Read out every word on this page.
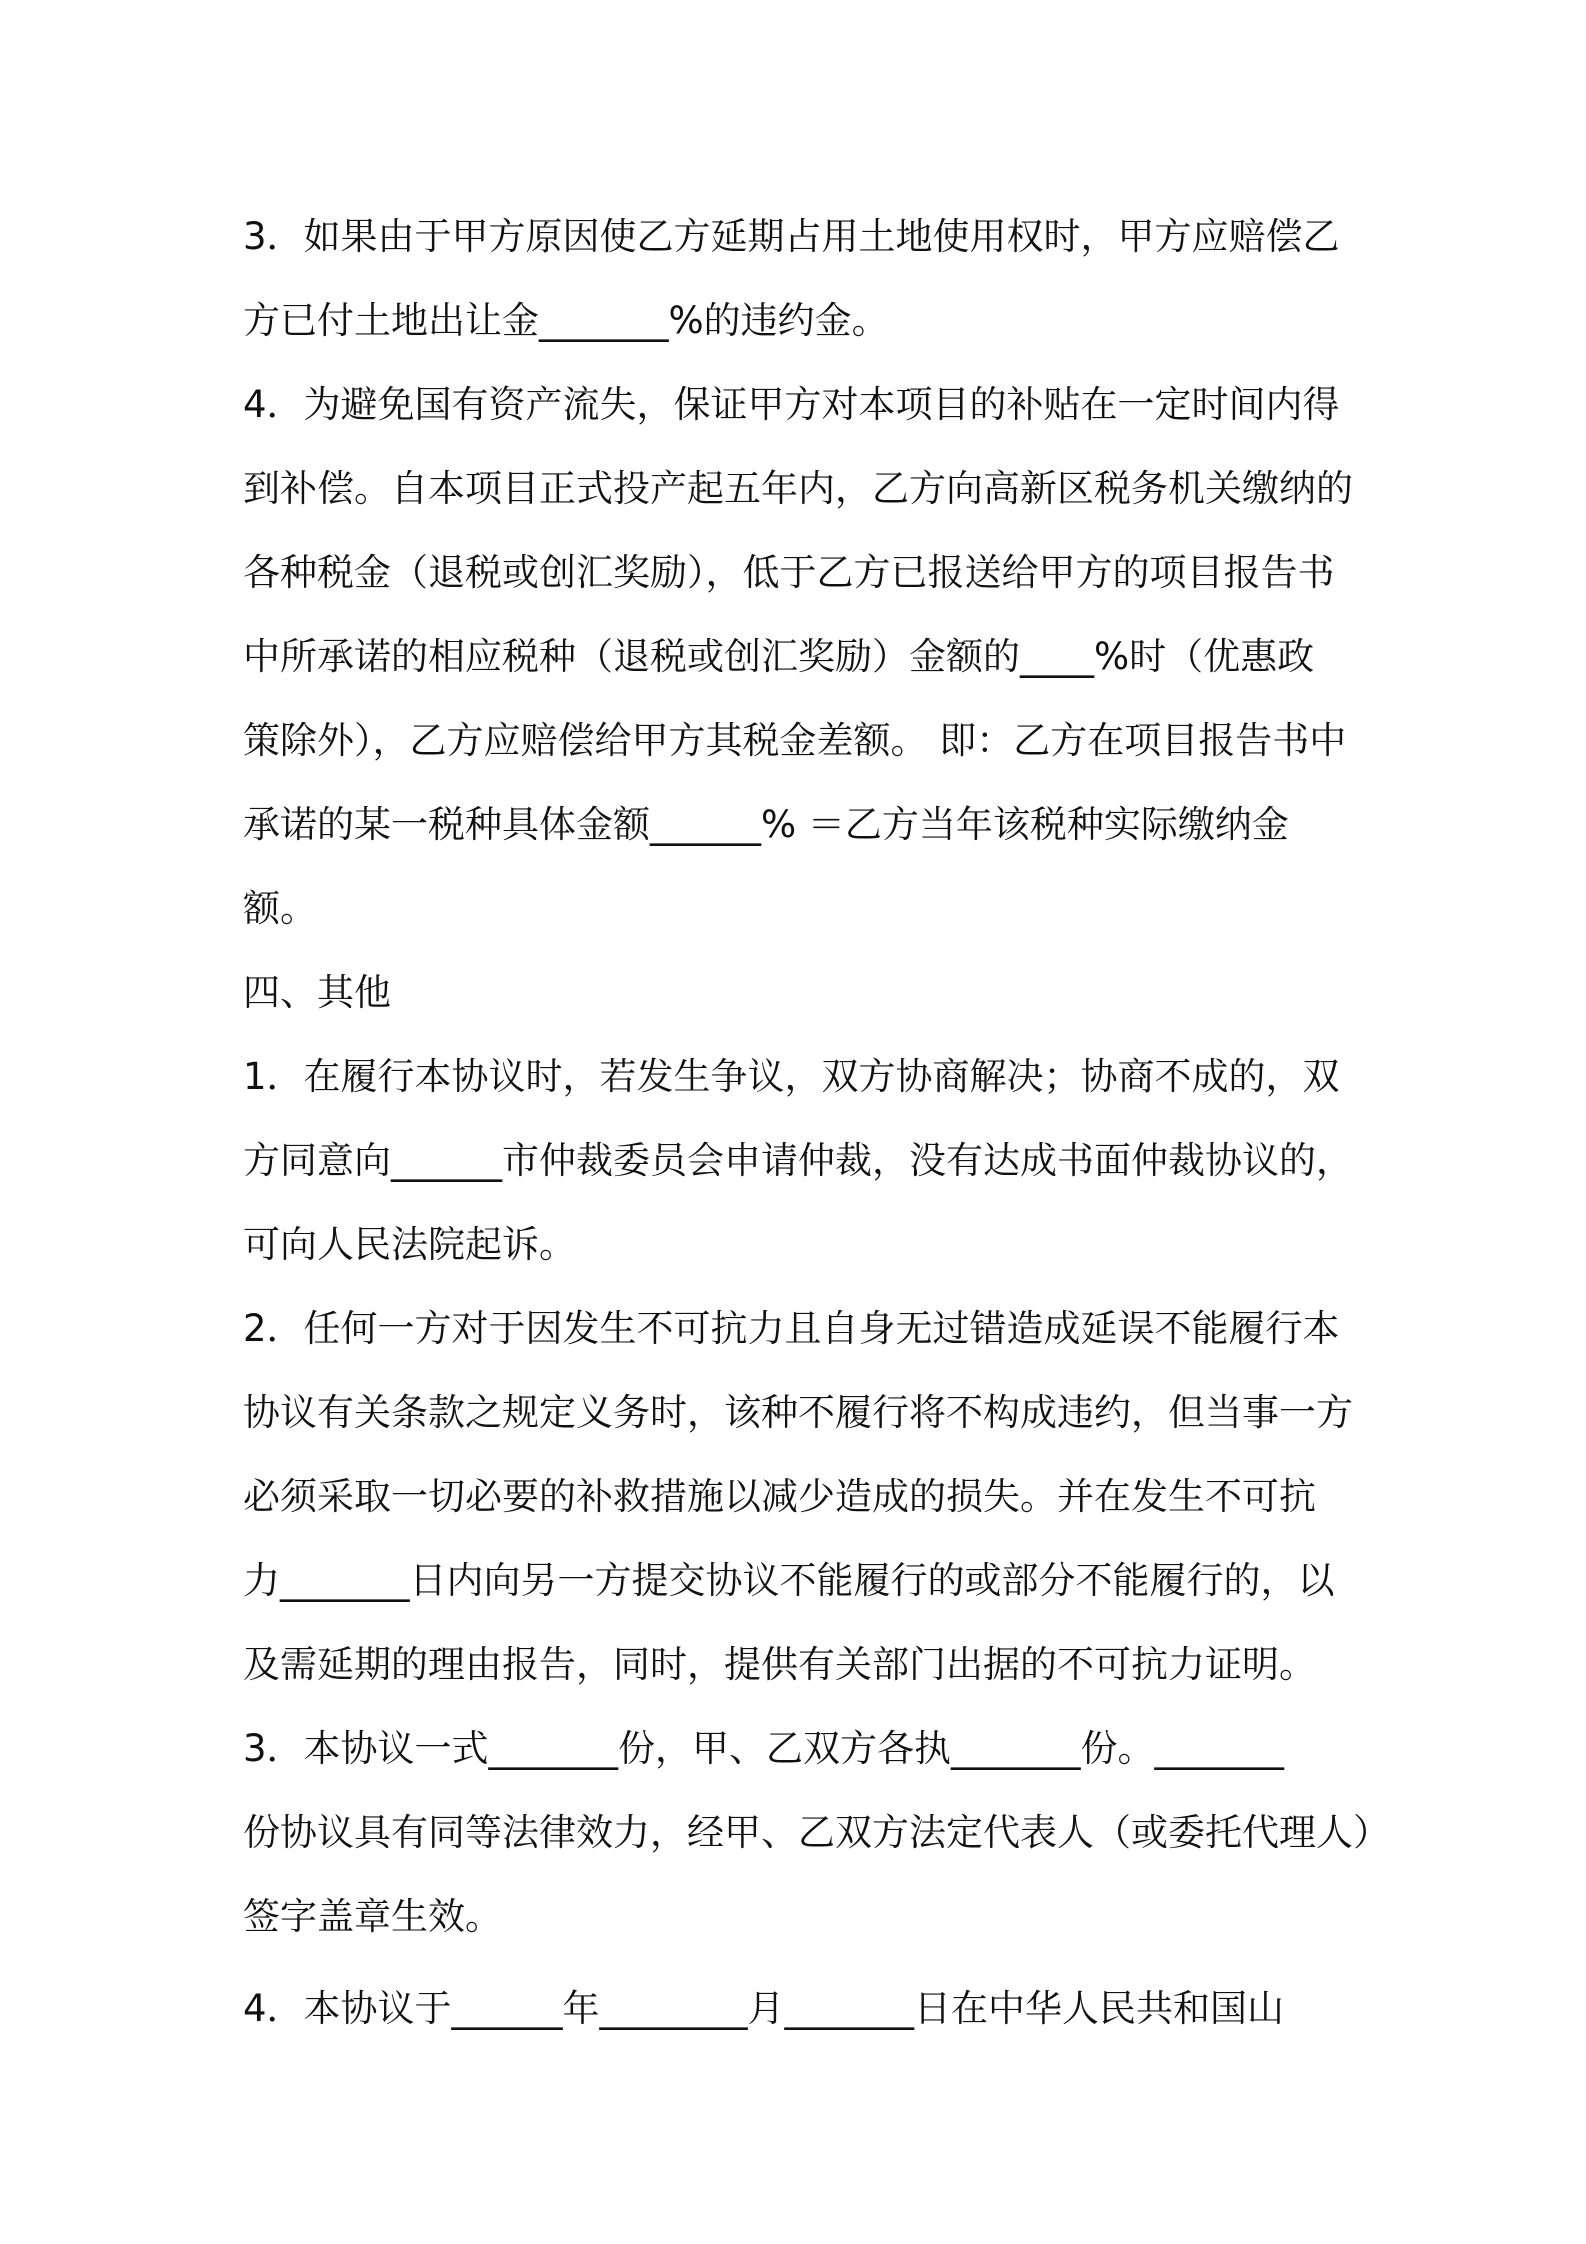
3．如果由于甲方原因使乙方延期占用土地使用权时，甲方应赔偿乙
方已付土地出让金_______%的违约金。
4．为避免国有资产流失，保证甲方对本项目的补贴在一定时间内得
到补偿。自本项目正式投产起五年内，乙方向高新区税务机关缴纳的
各种税金（退税或创汇奖励），低于乙方已报送给甲方的项目报告书
中所承诺的相应税种（退税或创汇奖励）金额的____%时（优惠政
策除外），乙方应赔偿给甲方其税金差额。 即：乙方在项目报告书中
承诺的某一税种具体金额______% ＝乙方当年该税种实际缴纳金
额。
四、其他
1．在履行本协议时，若发生争议，双方协商解决；协商不成的，双
方同意向______市仲裁委员会申请仲裁，没有达成书面仲裁协议的，
可向人民法院起诉。
2．任何一方对于因发生不可抗力且自身无过错造成延误不能履行本
协议有关条款之规定义务时，该种不履行将不构成违约，但当事一方
必须采取一切必要的补救措施以减少造成的损失。并在发生不可抗
力_______日内向另一方提交协议不能履行的或部分不能履行的，以
及需延期的理由报告，同时，提供有关部门出据的不可抗力证明。
3．本协议一式_______份，甲、乙双方各执_______份。_______
份协议具有同等法律效力，经甲、乙双方法定代表人（或委托代理人）
签字盖章生效。
4．本协议于______年________月_______日在中华人民共和国山
